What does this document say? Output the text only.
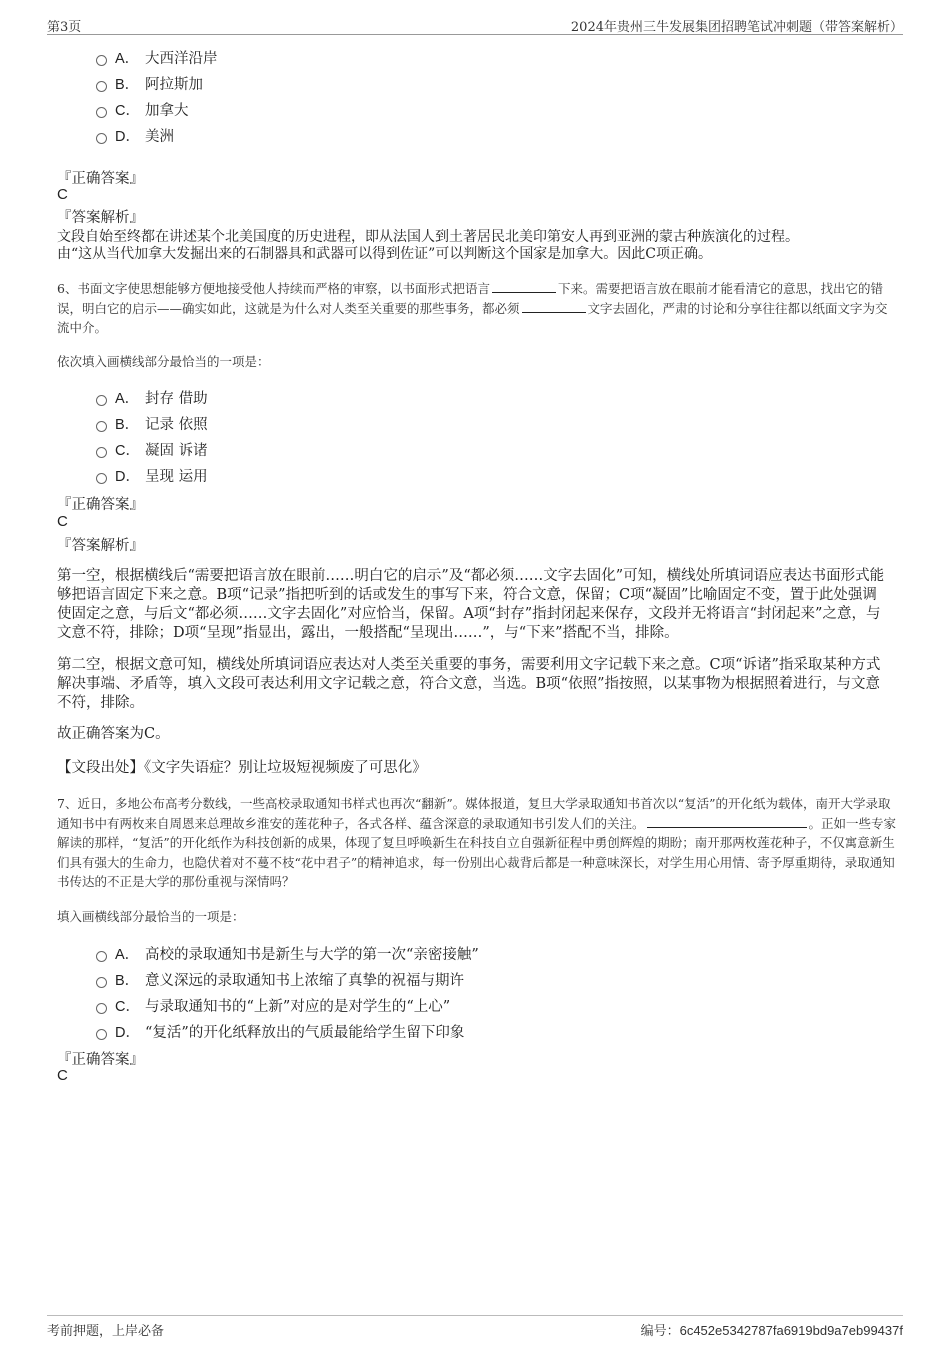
第3页	2024年贵州三牛发展集团招聘笔试冲刺题（带答案解析）
A． 大西洋沿岸
B． 阿拉斯加
C． 加拿大
D． 美洲
『正确答案』
C
『答案解析』
文段自始至终都在讲述某个北美国度的历史进程，即从法国人到土著居民北美印第安人再到亚洲的蒙古种族演化的过程。
由“这从当代加拿大发掘出来的石制器具和武器可以得到佐证”可以判断这个国家是加拿大。因此C项正确。
6、书面文字使思想能够方便地接受他人持续而严格的审察，以书面形式把语言	下来。需要把语言放在眼前才能看清它的意思，找出它的错误，明白它的启示——确实如此，这就是为什么对人类至关重要的那些事务，都必须	文字去固化，严肃的讨论和分享往往都以纸面文字为交流中介。
依次填入画横线部分最恰当的一项是：
A． 封存 借助
B． 记录 依照
C． 凝固 诉诸
D． 呈现 运用
『正确答案』
C
『答案解析』
第一空，根据横线后“需要把语言放在眼前……明白它的启示”及“都必须……文字去固化”可知，横线处所填词语应表达书面形式能够把语言固定下来之意。B项“记录”指把听到的话或发生的事写下来，符合文意，保留；C项“凝固”比喻固定不变，置于此处强调使固定之意，与后文“都必须……文字去固化”对应恰当，保留。A项“封存”指封闭起来保存，文段并无将语言“封闭起来”之意，与文意不符，排除；D项“呈现”指显出，露出，一般搭配“呈现出……”，与“下来”搭配不当，排除。
第二空，根据文意可知，横线处所填词语应表达对人类至关重要的事务，需要利用文字记载下来之意。C项“诉诸”指采取某种方式解决事端、矛盾等，填入文段可表达利用文字记载之意，符合文意，当选。B项“依照”指按照，以某事物为根据照着进行，与文意不符，排除。
故正确答案为C。
【文段出处】《文字失语症？别让垃圾短视频废了可思化》
7、近日，多地公布高考分数线，一些高校录取通知书样式也再次“翻新”。媒体报道，复旦大学录取通知书首次以“复活”的开化纸为载体，南开大学录取通知书中有两枚来自周恩来总理故乡淮安的莲花种子，各式各样、蕴含深意的录取通知书引发人们的关注。	。正如一些专家解读的那样，“复活”的开化纸作为科技创新的成果，体现了复旦呼唤新生在科技自立自强新征程中勇创辉煌的期盼；南开那两枚莲花种子，不仅寓意新生们具有强大的生命力，也隐伏着对不蔓不枝“花中君子”的精神追求，每一份别出心裁背后都是一种意味深长，对学生用心用情、寄予厚重期待，录取通知书传达的不正是大学的那份重视与深情吗？
填入画横线部分最恰当的一项是：
A． 高校的录取通知书是新生与大学的第一次“亲密接触”
B． 意义深远的录取通知书上浓缩了真挚的祝福与期许
C． 与录取通知书的“上新”对应的是对学生的“上心”
D． “复活”的开化纸释放出的气质最能给学生留下印象
『正确答案』
C
考前押题，上岸必备	编号：6c452e5342787fa6919bd9a7eb99437f
